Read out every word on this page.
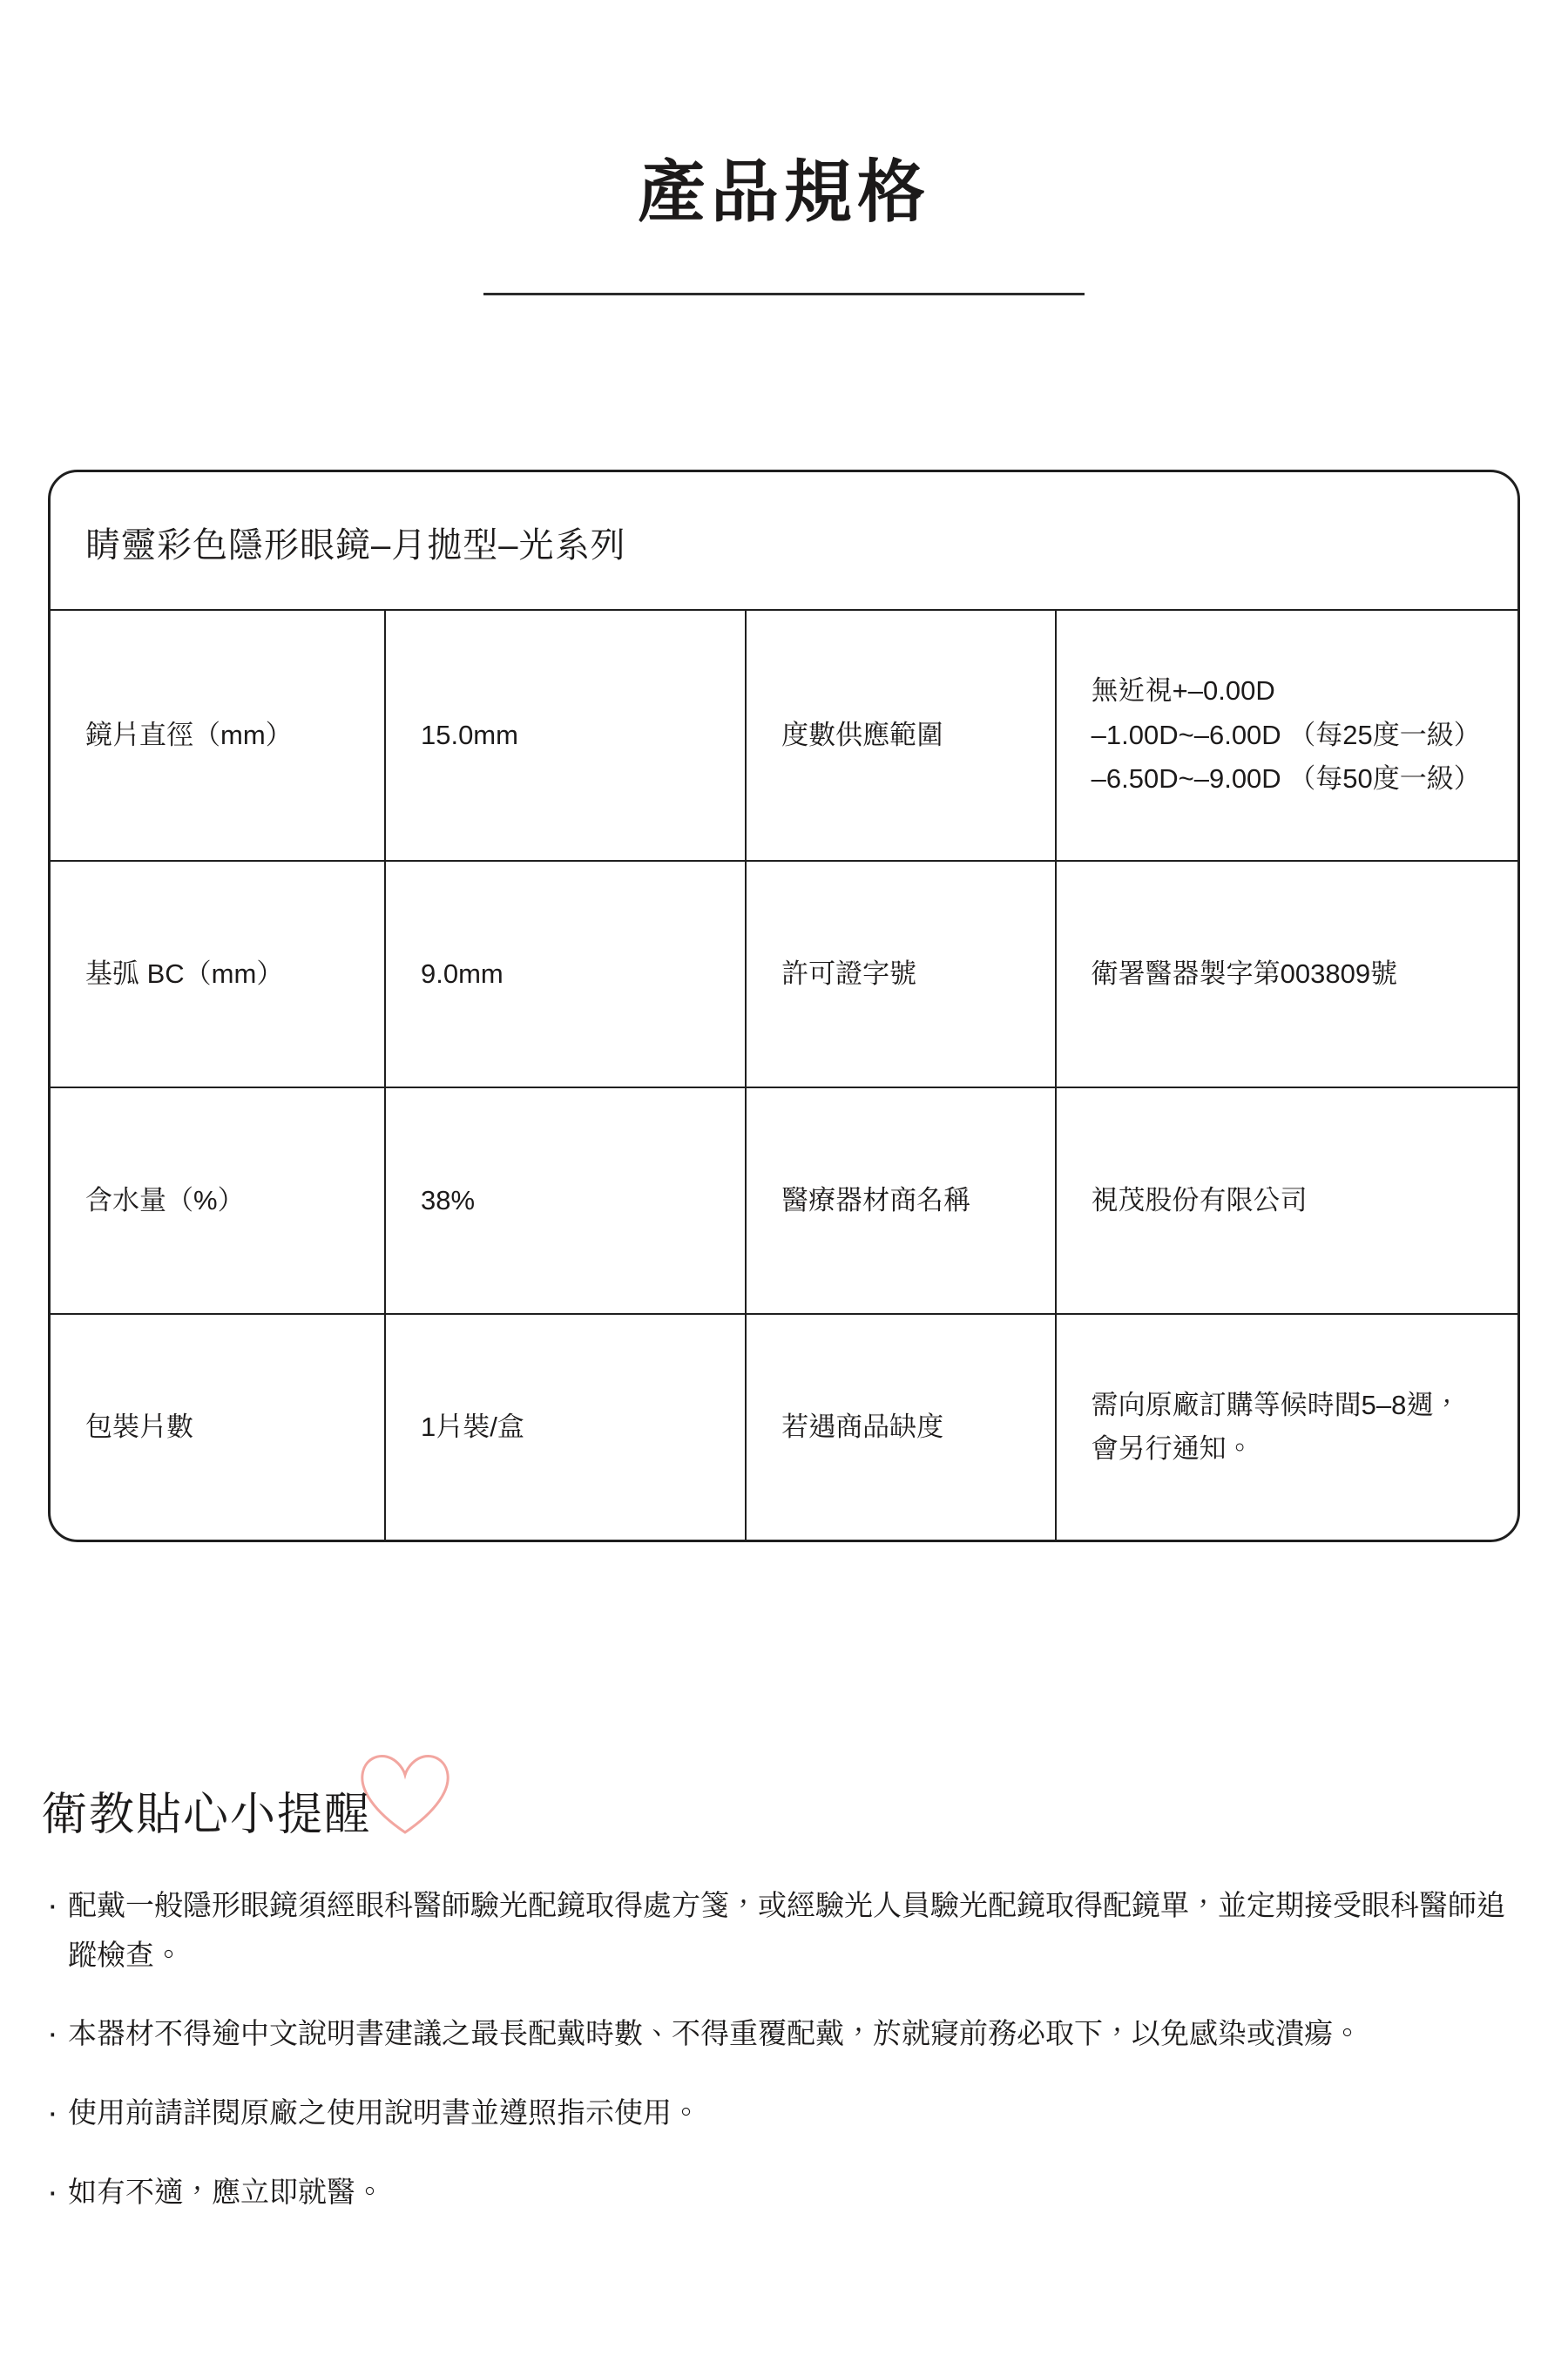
產品規格
睛靈彩色隱形眼鏡–月拋型–光系列
鏡片直徑（mm）	15.0mm	度數供應範圍	無近視+–0.00D
–1.00D~–6.00D （每25度一級）
–6.50D~–9.00D （每50度一級）

基弧 BC（mm）	9.0mm	許可證字號	衛署醫器製字第003809號
含水量（%）	38%	醫療器材商名稱	視茂股份有限公司
包裝片數	1片裝/盒	若遇商品缺度	需向原廠訂購等候時間5–8週，
會另行通知。
衛教貼心小提醒
· 配戴一般隱形眼鏡須經眼科醫師驗光配鏡取得處方箋，或經驗光人員驗光配鏡取得配鏡單，並定期接受眼科醫師追蹤檢查。
· 本器材不得逾中文說明書建議之最長配戴時數、不得重覆配戴，於就寢前務必取下，以免感染或潰瘍。
· 使用前請詳閱原廠之使用說明書並遵照指示使用。
· 如有不適，應立即就醫。
